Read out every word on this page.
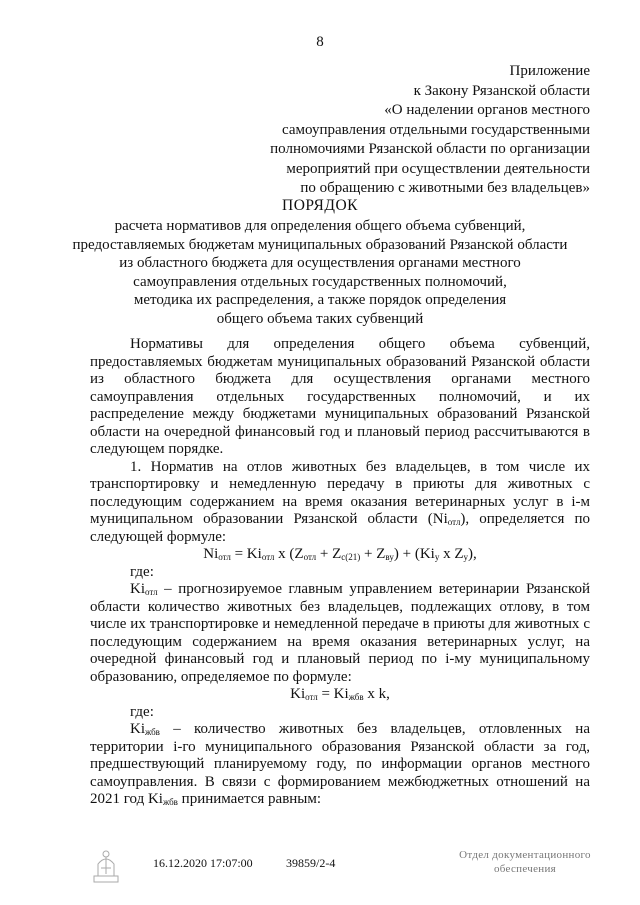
8
Приложение
к Закону Рязанской области
«О наделении органов местного
самоуправления отдельными государственными
полномочиями Рязанской области по организации
мероприятий при осуществлении деятельности
по обращению с животными без владельцев»
ПОРЯДОК
расчета нормативов для определения общего объема субвенций,
предоставляемых бюджетам муниципальных образований Рязанской области
из областного бюджета для осуществления органами местного
самоуправления отдельных государственных полномочий,
методика их распределения, а также порядок определения
общего объема таких субвенций

Нормативы для определения общего объема субвенций, предоставляемых бюджетам муниципальных образований Рязанской области из областного бюджета для осуществления органами местного самоуправления отдельных государственных полномочий, и их распределение между бюджетами муниципальных образований Рязанской области на очередной финансовый год и плановый период рассчитываются в следующем порядке.

1. Норматив на отлов животных без владельцев, в том числе их транспортировку и немедленную передачу в приюты для животных с последующим содержанием на время оказания ветеринарных услуг в i-м муниципальном образовании Рязанской области $(Ni_{отл})$, определяется по следующей формуле:

$Ni_{отл} = Ki_{отл}$ x $(Z_{отл} + Z_{с(21)} + Z_{ву}) + (Ki_у$ x $Z_у$),

где:

$Ki_{отл}$ – прогнозируемое главным управлением ветеринарии Рязанской области количество животных без владельцев, подлежащих отлову, в том числе их транспортировке и немедленной передаче в приюты для животных с последующим содержанием на время оказания ветеринарных услуг, на очередной финансовый год и плановый период по i-му муниципальному образованию, определяемое по формуле:

$Ki_{отл} = Ki_{жбв}$ x k,

где:

$Ki_{жбв}$ – количество животных без владельцев, отловленных на территории i-го муниципального образования Рязанской области за год, предшествующий планируемому году, по информации органов местного самоуправления. В связи с формированием межбюджетных отношений на 2021 год $Ki_{жбв}$ принимается равным:

16.12.2020 17:07:00	39859/2-4
Отдел документационного
обеспечения
